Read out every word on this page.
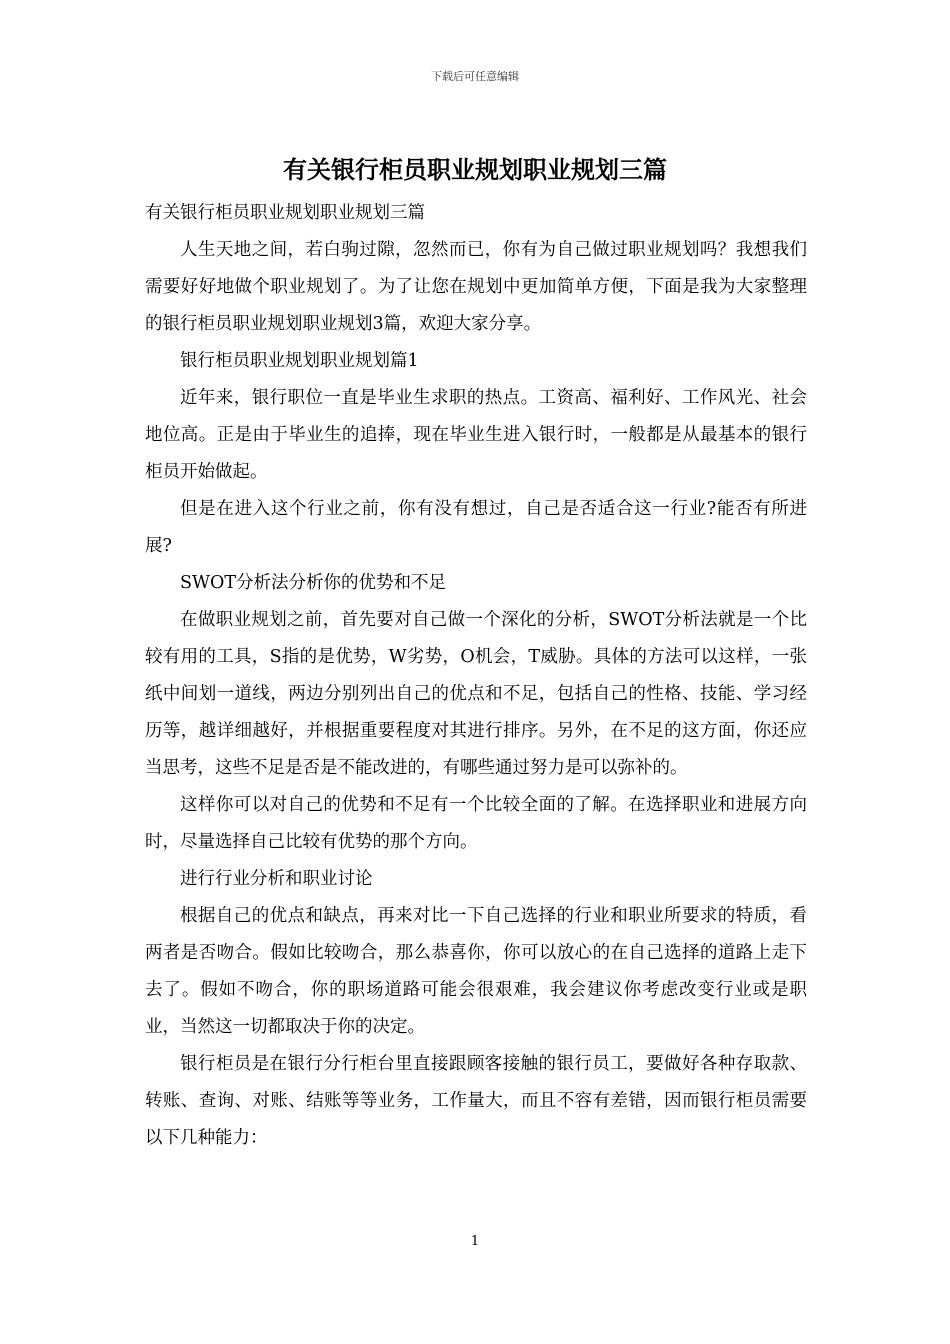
下载后可任意编辑
有关银行柜员职业规划职业规划三篇

有关银行柜员职业规划职业规划三篇

人生天地之间，若白驹过隙，忽然而已，你有为自己做过职业规划吗？我想我们需要好好地做个职业规划了。为了让您在规划中更加简单方便，下面是我为大家整理的银行柜员职业规划职业规划3篇，欢迎大家分享。

银行柜员职业规划职业规划篇1

近年来，银行职位一直是毕业生求职的热点。工资高、福利好、工作风光、社会地位高。正是由于毕业生的追捧，现在毕业生进入银行时，一般都是从最基本的银行柜员开始做起。

但是在进入这个行业之前，你有没有想过，自己是否适合这一行业?能否有所进展?

SWOT分析法分析你的优势和不足

在做职业规划之前，首先要对自己做一个深化的分析，SWOT分析法就是一个比较有用的工具，S指的是优势，W劣势，O机会，T威胁。具体的方法可以这样，一张纸中间划一道线，两边分别列出自己的优点和不足，包括自己的性格、技能、学习经历等，越详细越好，并根据重要程度对其进行排序。另外，在不足的这方面，你还应当思考，这些不足是否是不能改进的，有哪些通过努力是可以弥补的。

这样你可以对自己的优势和不足有一个比较全面的了解。在选择职业和进展方向时，尽量选择自己比较有优势的那个方向。

进行行业分析和职业讨论

根据自己的优点和缺点，再来对比一下自己选择的行业和职业所要求的特质，看两者是否吻合。假如比较吻合，那么恭喜你，你可以放心的在自己选择的道路上走下去了。假如不吻合，你的职场道路可能会很艰难，我会建议你考虑改变行业或是职业，当然这一切都取决于你的决定。

银行柜员是在银行分行柜台里直接跟顾客接触的银行员工，要做好各种存取款、转账、查询、对账、结账等等业务，工作量大，而且不容有差错，因而银行柜员需要以下几种能力：

1
